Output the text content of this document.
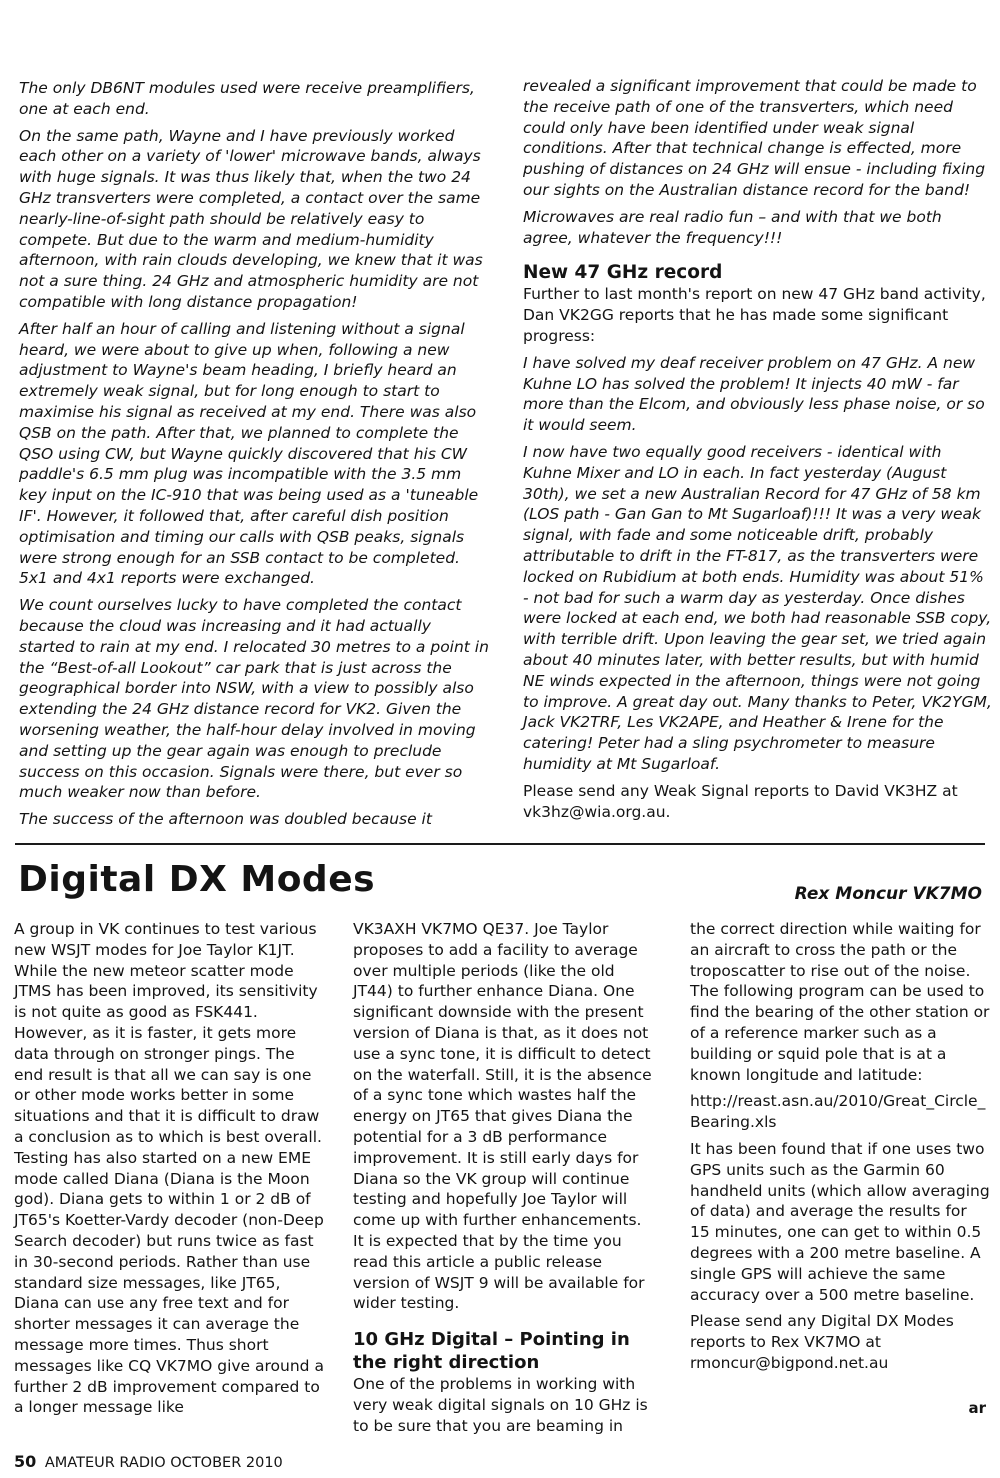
The only DB6NT modules used were receive preamplifiers, one at each end.

On the same path, Wayne and I have previously worked each other on a variety of 'lower' microwave bands, always with huge signals. It was thus likely that, when the two 24 GHz transverters were completed, a contact over the same nearly-line-of-sight path should be relatively easy to compete. But due to the warm and medium-humidity afternoon, with rain clouds developing, we knew that it was not a sure thing. 24 GHz and atmospheric humidity are not compatible with long distance propagation!

After half an hour of calling and listening without a signal heard, we were about to give up when, following a new adjustment to Wayne's beam heading, I briefly heard an extremely weak signal, but for long enough to start to maximise his signal as received at my end. There was also QSB on the path. After that, we planned to complete the QSO using CW, but Wayne quickly discovered that his CW paddle's 6.5 mm plug was incompatible with the 3.5 mm key input on the IC-910 that was being used as a 'tuneable IF'. However, it followed that, after careful dish position optimisation and timing our calls with QSB peaks, signals were strong enough for an SSB contact to be completed. 5x1 and 4x1 reports were exchanged.

We count ourselves lucky to have completed the contact because the cloud was increasing and it had actually started to rain at my end. I relocated 30 metres to a point in the “Best-of-all Lookout” car park that is just across the geographical border into NSW, with a view to possibly also extending the 24 GHz distance record for VK2. Given the worsening weather, the half-hour delay involved in moving and setting up the gear again was enough to preclude success on this occasion. Signals were there, but ever so much weaker now than before.

The success of the afternoon was doubled because it

revealed a significant improvement that could be made to the receive path of one of the transverters, which need could only have been identified under weak signal conditions. After that technical change is effected, more pushing of distances on 24 GHz will ensue - including fixing our sights on the Australian distance record for the band!

Microwaves are real radio fun – and with that we both agree, whatever the frequency!!!

New 47 GHz record

Further to last month's report on new 47 GHz band activity, Dan VK2GG reports that he has made some significant progress:

I have solved my deaf receiver problem on 47 GHz. A new Kuhne LO has solved the problem! It injects 40 mW - far more than the Elcom, and obviously less phase noise, or so it would seem.

I now have two equally good receivers - identical with Kuhne Mixer and LO in each. In fact yesterday (August 30th), we set a new Australian Record for 47 GHz of 58 km (LOS path - Gan Gan to Mt Sugarloaf)!!! It was a very weak signal, with fade and some noticeable drift, probably attributable to drift in the FT-817, as the transverters were locked on Rubidium at both ends. Humidity was about 51% - not bad for such a warm day as yesterday. Once dishes were locked at each end, we both had reasonable SSB copy, with terrible drift. Upon leaving the gear set, we tried again about 40 minutes later, with better results, but with humid NE winds expected in the afternoon, things were not going to improve. A great day out. Many thanks to Peter, VK2YGM, Jack VK2TRF, Les VK2APE, and Heather & Irene for the catering! Peter had a sling psychrometer to measure humidity at Mt Sugarloaf.

Please send any Weak Signal reports to David VK3HZ at vk3hz@wia.org.au.

Digital DX Modes	Rex Moncur VK7MO

A group in VK continues to test various new WSJT modes for Joe Taylor K1JT. While the new meteor scatter mode JTMS has been improved, its sensitivity is not quite as good as FSK441. However, as it is faster, it gets more data through on stronger pings. The end result is that all we can say is one or other mode works better in some situations and that it is difficult to draw a conclusion as to which is best overall. Testing has also started on a new EME mode called Diana (Diana is the Moon god). Diana gets to within 1 or 2 dB of JT65's Koetter-Vardy decoder (non-Deep Search decoder) but runs twice as fast in 30-second periods. Rather than use standard size messages, like JT65, Diana can use any free text and for shorter messages it can average the message more times. Thus short messages like CQ VK7MO give around a further 2 dB improvement compared to a longer message like

VK3AXH VK7MO QE37. Joe Taylor proposes to add a facility to average over multiple periods (like the old JT44) to further enhance Diana. One significant downside with the present version of Diana is that, as it does not use a sync tone, it is difficult to detect on the waterfall. Still, it is the absence of a sync tone which wastes half the energy on JT65 that gives Diana the potential for a 3 dB performance improvement. It is still early days for Diana so the VK group will continue testing and hopefully Joe Taylor will come up with further enhancements. It is expected that by the time you read this article a public release version of WSJT 9 will be available for wider testing.

10 GHz Digital – Pointing in the right direction

One of the problems in working with very weak digital signals on 10 GHz is to be sure that you are beaming in

the correct direction while waiting for an aircraft to cross the path or the troposcatter to rise out of the noise. The following program can be used to find the bearing of the other station or of a reference marker such as a building or squid pole that is at a known longitude and latitude:

http://reast.asn.au/2010/Great_Circle_Bearing.xls

It has been found that if one uses two GPS units such as the Garmin 60 handheld units (which allow averaging of data) and average the results for 15 minutes, one can get to within 0.5 degrees with a 200 metre baseline. A single GPS will achieve the same accuracy over a 500 metre baseline.

Please send any Digital DX Modes reports to Rex VK7MO at rmoncur@bigpond.net.au

ar
50 AMATEUR RADIO OCTOBER 2010
